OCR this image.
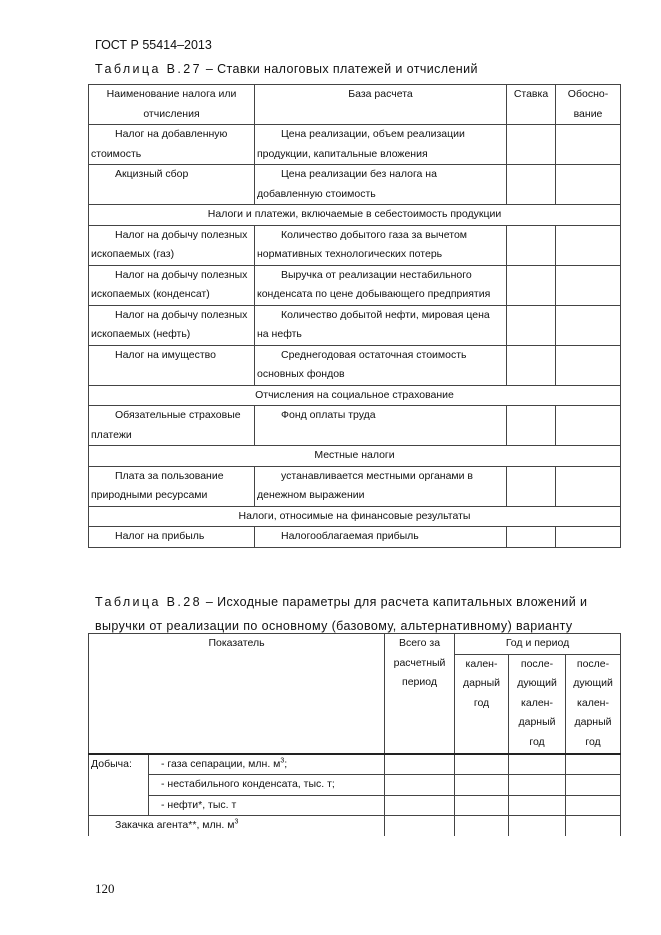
ГОСТ Р 55414–2013
Таблица В.27 – Ставки налоговых платежей и отчислений
Наименование налога или отчисления	База расчета	Ставка	Обосно-вание
Налог на добавленную стоимость	Цена реализации, объем реализации продукции, капитальные вложения		
Акцизный сбор	Цена реализации без налога на добавленную стоимость		
Налоги и платежи, включаемые в себестоимость продукции			
Налог на добычу полезных ископаемых (газ)	Количество добытого газа за вычетом нормативных технологических потерь		
Налог на добычу полезных ископаемых (конденсат)	Выручка от реализации нестабильного конденсата по цене добывающего предприятия		
Налог на добычу полезных ископаемых (нефть)	Количество добытой нефти, мировая цена на нефть		
Налог на имущество	Среднегодовая остаточная стоимость основных фондов		
Отчисления на социальное страхование			
Обязательные страховые платежи	Фонд оплаты труда		
Местные налоги			
Плата за пользование природными ресурсами	устанавливается местными органами в денежном выражении		
Налоги, относимые на финансовые результаты			
Налог на прибыль	Налогооблагаемая прибыль		
Таблица В.28 – Исходные параметры для расчета капитальных вложений и
выручки от реализации по основному (базовому, альтернативному) варианту
Показатель		Всего за расчетный период	Год и период		
			кален-дарный год	после-дующий кален-дарный год	после-дующий кален-дарный год
Добыча:	- газа сепарации, млн. $м^3$;				
	- нестабильного конденсата, тыс. т;				
	- нефти*, тыс. т				
Закачка агента**, млн. $м^3$				
120
